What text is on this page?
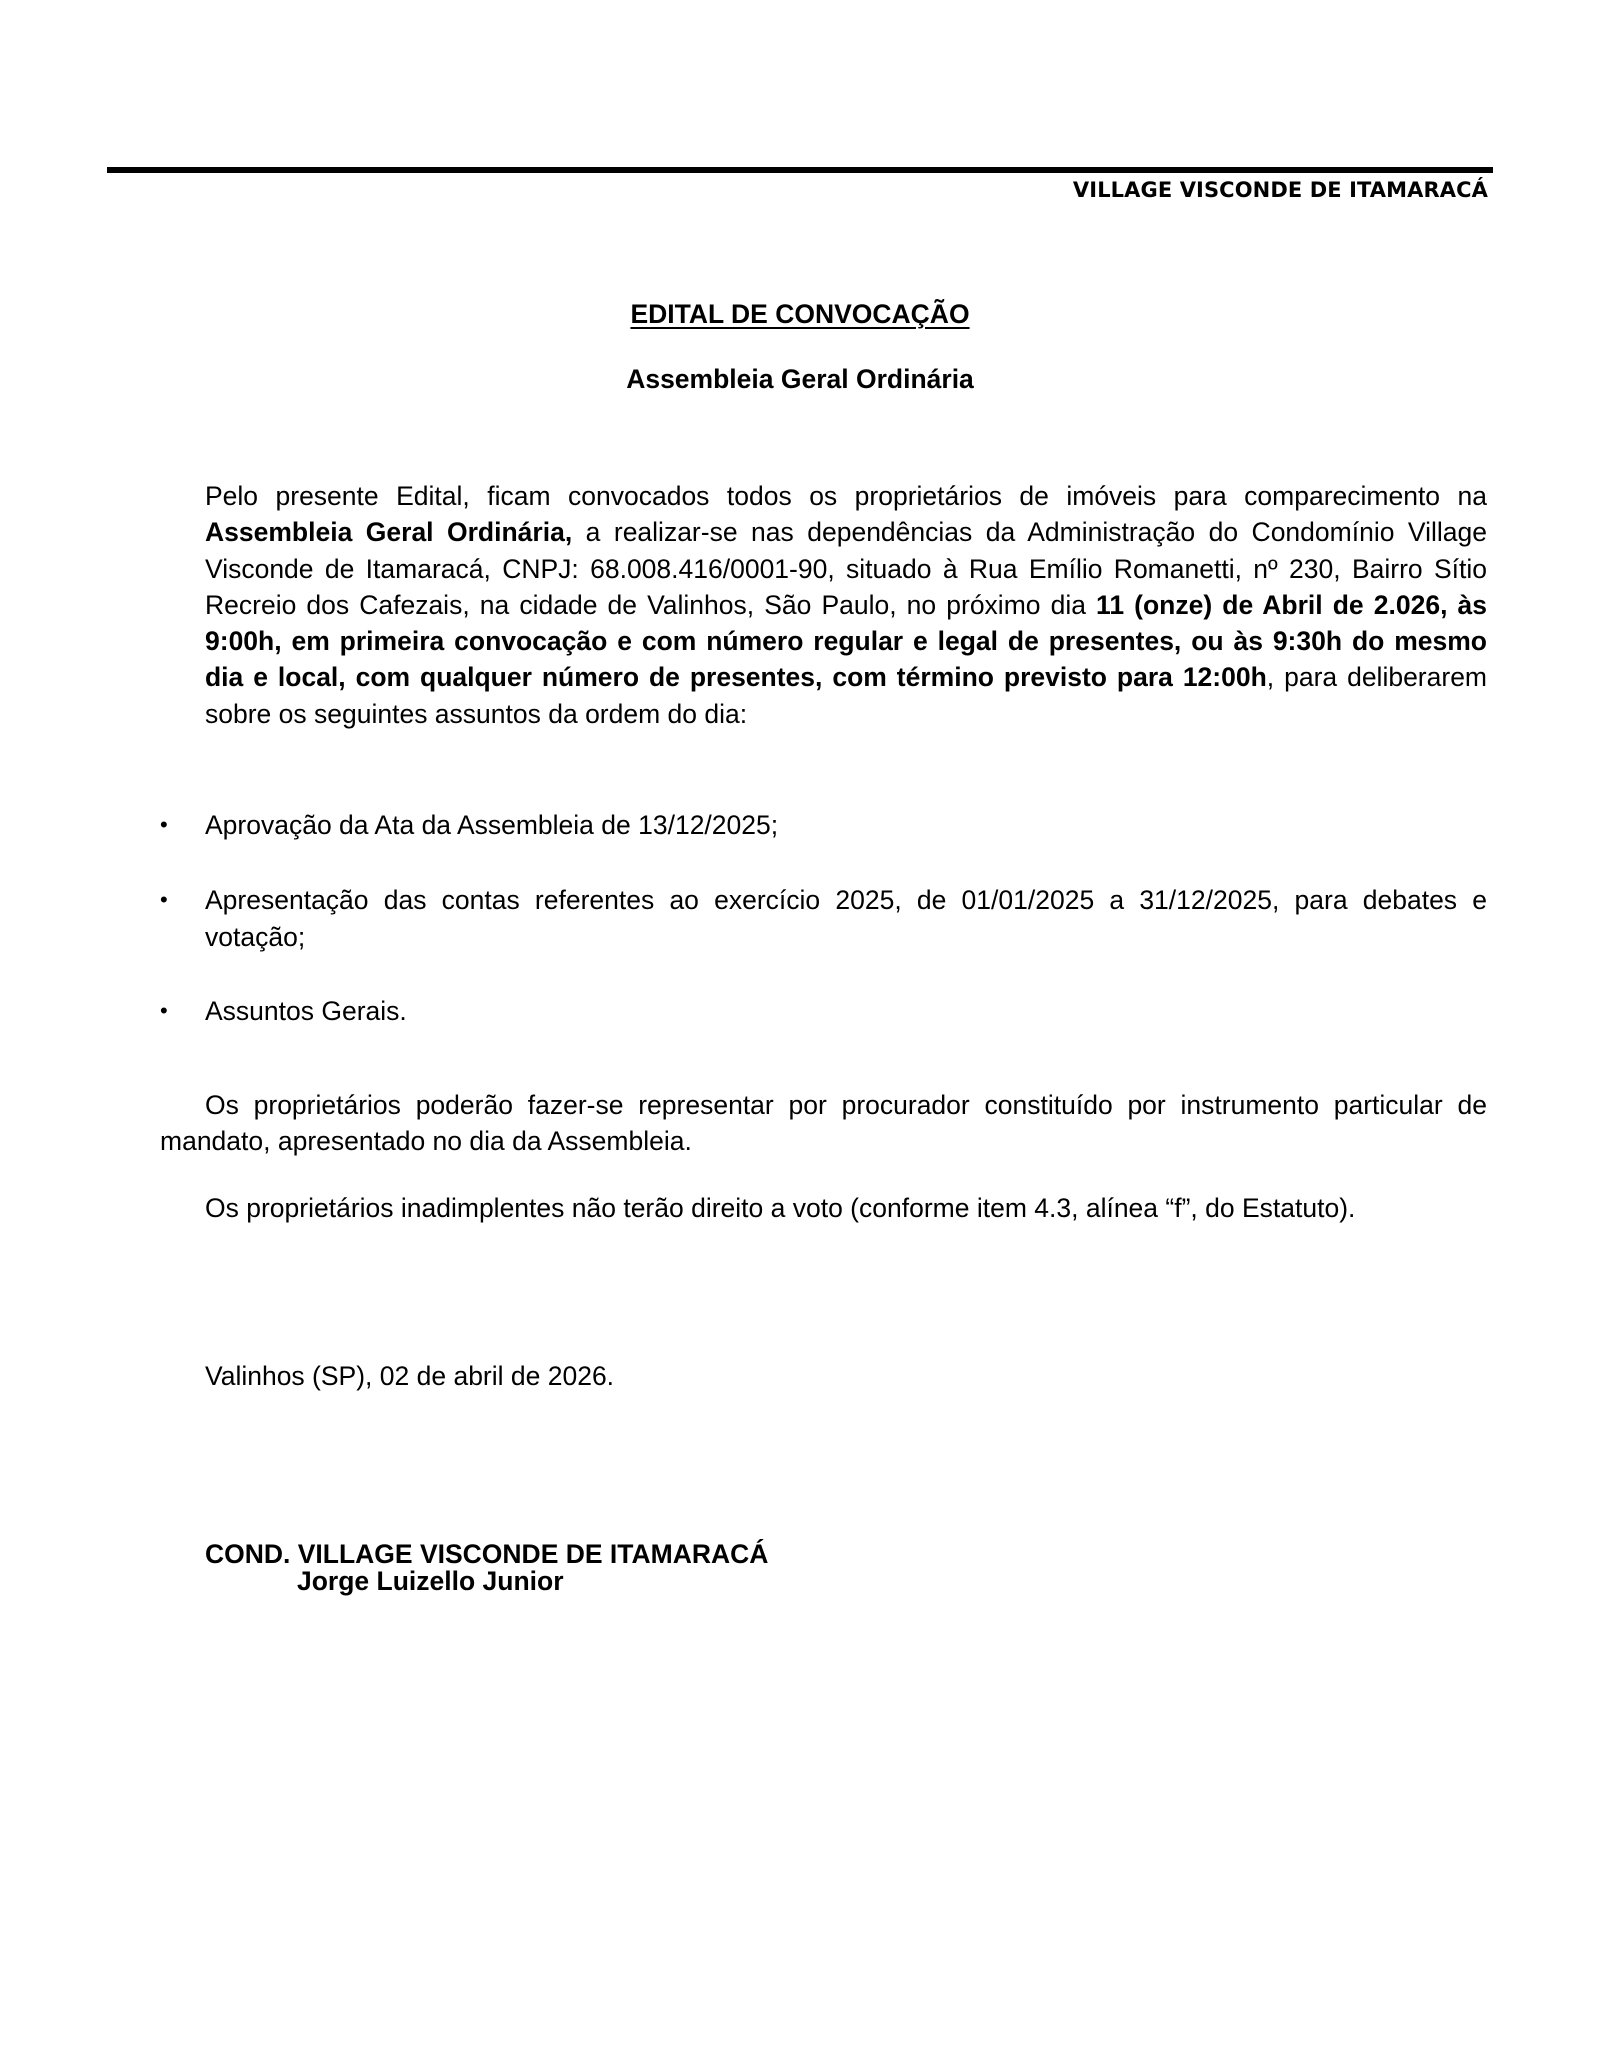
VILLAGE VISCONDE DE ITAMARACÁ
EDITAL DE CONVOCAÇÃO
Assembleia Geral Ordinária
Pelo presente Edital, ficam convocados todos os proprietários de imóveis para comparecimento na Assembleia Geral Ordinária, a realizar-se nas dependências da Administração do Condomínio Village Visconde de Itamaracá, CNPJ: 68.008.416/0001-90, situado à Rua Emílio Romanetti, nº 230, Bairro Sítio Recreio dos Cafezais, na cidade de Valinhos, São Paulo, no próximo dia 11 (onze) de Abril de 2.026, às 9:00h, em primeira convocação e com número regular e legal de presentes, ou às 9:30h do mesmo dia e local, com qualquer número de presentes, com término previsto para 12:00h, para deliberarem sobre os seguintes assuntos da ordem do dia:
• Aprovação da Ata da Assembleia de 13/12/2025;
• Apresentação das contas referentes ao exercício 2025, de 01/01/2025 a 31/12/2025, para debates e votação;
• Assuntos Gerais.
Os proprietários poderão fazer-se representar por procurador constituído por instrumento particular de mandato, apresentado no dia da Assembleia.
Os proprietários inadimplentes não terão direito a voto (conforme item 4.3, alínea “f”, do Estatuto).
Valinhos (SP), 02 de abril de 2026.
COND. VILLAGE VISCONDE DE ITAMARACÁ
Jorge Luizello Junior
